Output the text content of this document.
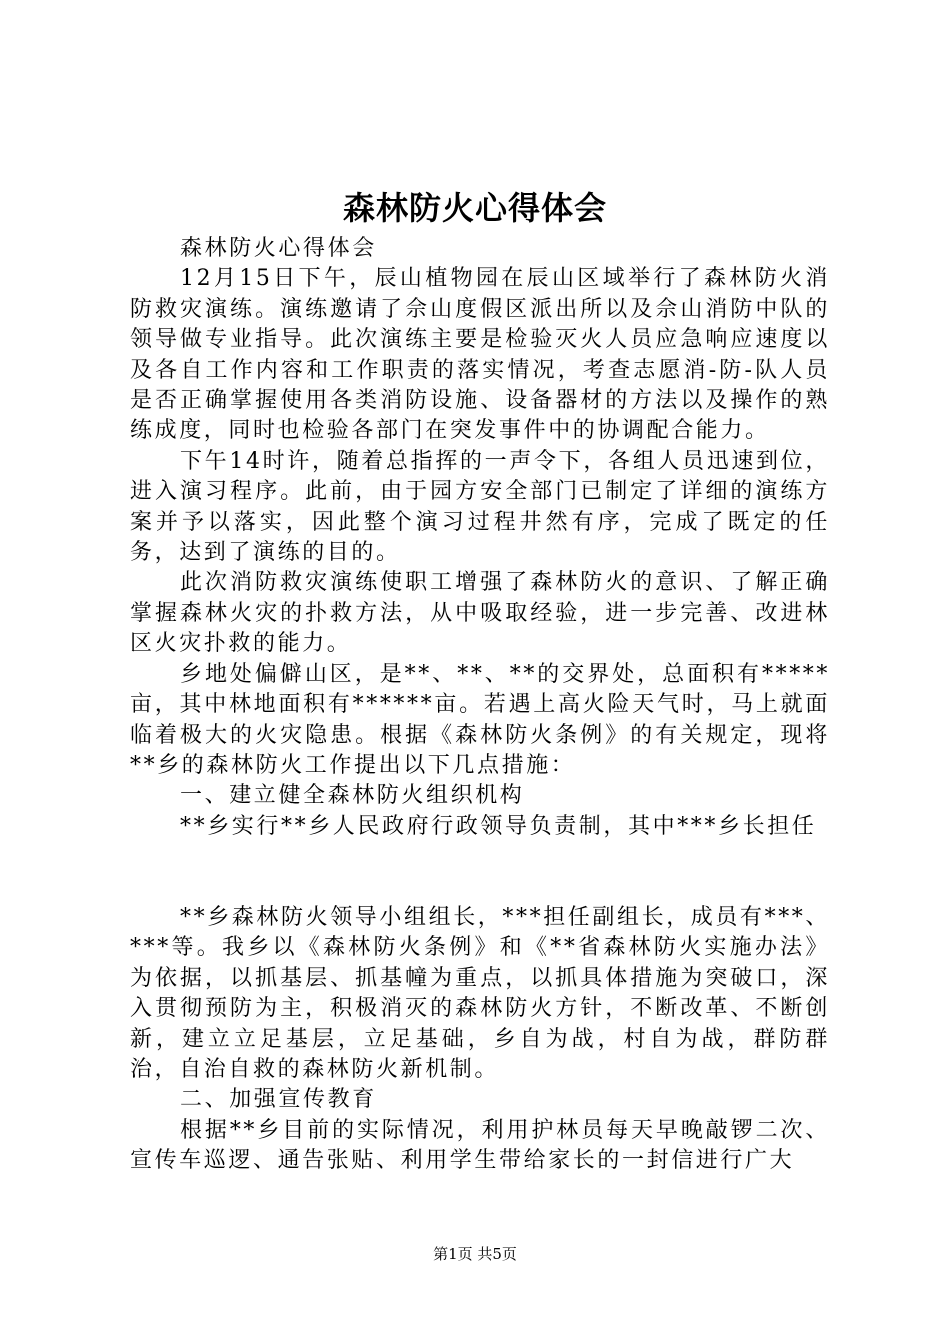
森林防火心得体会

森林防火心得体会

12月15日下午，辰山植物园在辰山区域举行了森林防火消防救灾演练。演练邀请了佘山度假区派出所以及佘山消防中队的领导做专业指导。此次演练主要是检验灭火人员应急响应速度以及各自工作内容和工作职责的落实情况，考查志愿消-防-队人员是否正确掌握使用各类消防设施、设备器材的方法以及操作的熟练成度，同时也检验各部门在突发事件中的协调配合能力。

下午14时许，随着总指挥的一声令下，各组人员迅速到位，进入演习程序。此前，由于园方安全部门已制定了详细的演练方案并予以落实，因此整个演习过程井然有序，完成了既定的任务，达到了演练的目的。

此次消防救灾演练使职工增强了森林防火的意识、了解正确掌握森林火灾的扑救方法，从中吸取经验，进一步完善、改进林区火灾扑救的能力。

乡地处偏僻山区，是**、**、**的交界处，总面积有*****亩，其中林地面积有******亩。若遇上高火险天气时，马上就面临着极大的火灾隐患。根据《森林防火条例》的有关规定，现将**乡的森林防火工作提出以下几点措施：

一、建立健全森林防火组织机构

**乡实行**乡人民政府行政领导负责制，其中***乡长担任

**乡森林防火领导小组组长，***担任副组长，成员有***、***等。我乡以《森林防火条例》和《**省森林防火实施办法》为依据，以抓基层、抓基幢为重点，以抓具体措施为突破口，深入贯彻预防为主，积极消灭的森林防火方针，不断改革、不断创新，建立立足基层，立足基础，乡自为战，村自为战，群防群治，自治自救的森林防火新机制。

二、加强宣传教育

根据**乡目前的实际情况，利用护林员每天早晚敲锣二次、宣传车巡逻、通告张贴、利用学生带给家长的一封信进行广大

第1页 共5页
